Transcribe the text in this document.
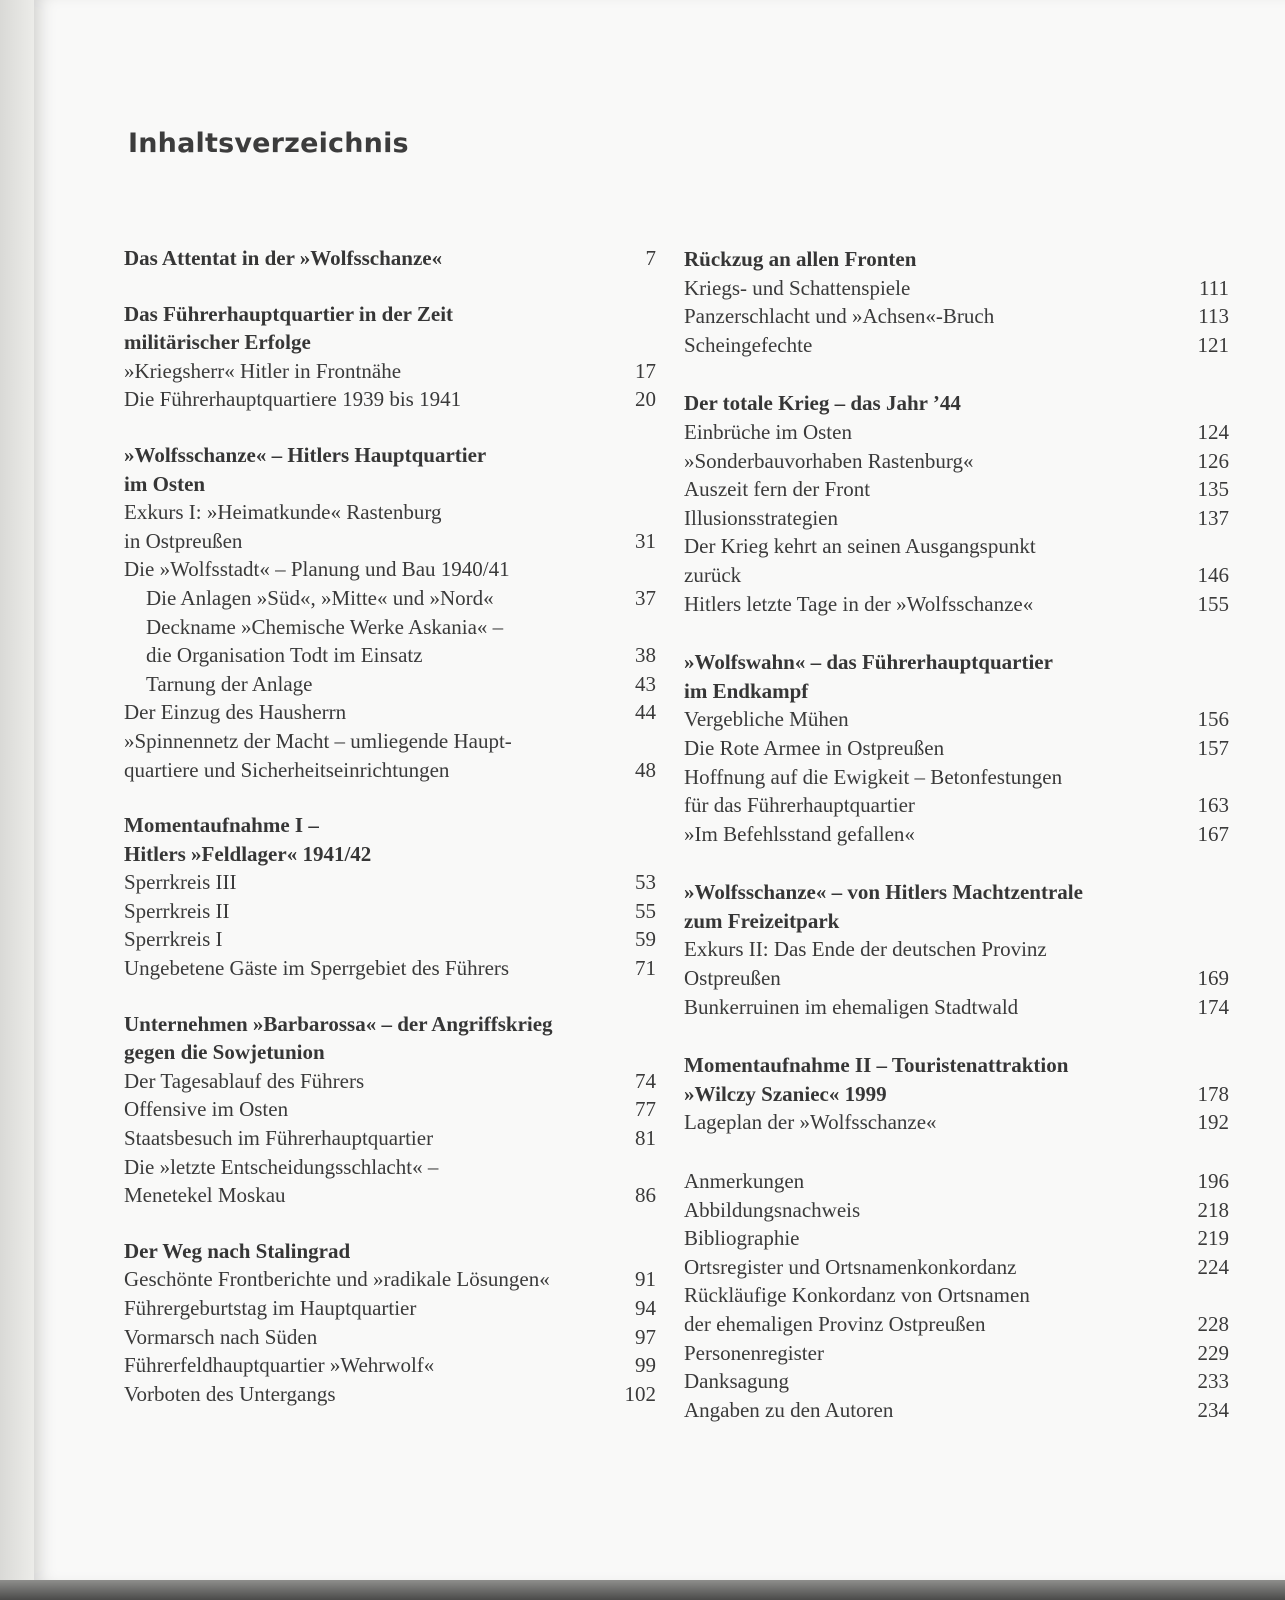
Inhaltsverzeichnis
Das Attentat in der »Wolfsschanze«	7
Das Führerhauptquartier in der Zeit
militärischer Erfolge
»Kriegsherr« Hitler in Frontnähe	17
Die Führerhauptquartiere 1939 bis 1941	20
»Wolfsschanze« – Hitlers Hauptquartier
im Osten
Exkurs I: »Heimatkunde« Rastenburg
in Ostpreußen	31
Die »Wolfsstadt« – Planung und Bau 1940/41
Die Anlagen »Süd«, »Mitte« und »Nord«	37
Deckname »Chemische Werke Askania« –
die Organisation Todt im Einsatz	38
Tarnung der Anlage	43
Der Einzug des Hausherrn	44
»Spinnennetz der Macht – umliegende Haupt-
quartiere und Sicherheitseinrichtungen	48
Momentaufnahme I –
Hitlers »Feldlager« 1941/42
Sperrkreis III	53
Sperrkreis II	55
Sperrkreis I	59
Ungebetene Gäste im Sperrgebiet des Führers	71
Unternehmen »Barbarossa« – der Angriffskrieg
gegen die Sowjetunion
Der Tagesablauf des Führers	74
Offensive im Osten	77
Staatsbesuch im Führerhauptquartier	81
Die »letzte Entscheidungsschlacht« –
Menetekel Moskau	86
Der Weg nach Stalingrad
Geschönte Frontberichte und »radikale Lösungen«	91
Führergeburtstag im Hauptquartier	94
Vormarsch nach Süden	97
Führerfeldhauptquartier »Wehrwolf«	99
Vorboten des Untergangs	102
Rückzug an allen Fronten
Kriegs- und Schattenspiele	111
Panzerschlacht und »Achsen«-Bruch	113
Scheingefechte	121
Der totale Krieg – das Jahr ’44
Einbrüche im Osten	124
»Sonderbauvorhaben Rastenburg«	126
Auszeit fern der Front	135
Illusionsstrategien	137
Der Krieg kehrt an seinen Ausgangspunkt
zurück	146
Hitlers letzte Tage in der »Wolfsschanze«	155
»Wolfswahn« – das Führerhauptquartier
im Endkampf
Vergebliche Mühen	156
Die Rote Armee in Ostpreußen	157
Hoffnung auf die Ewigkeit – Betonfestungen
für das Führerhauptquartier	163
»Im Befehlsstand gefallen«	167
»Wolfsschanze« – von Hitlers Machtzentrale
zum Freizeitpark
Exkurs II: Das Ende der deutschen Provinz
Ostpreußen	169
Bunkerruinen im ehemaligen Stadtwald	174
Momentaufnahme II – Touristenattraktion
»Wilczy Szaniec« 1999	178
Lageplan der »Wolfsschanze«	192
Anmerkungen	196
Abbildungsnachweis	218
Bibliographie	219
Ortsregister und Ortsnamenkonkordanz	224
Rückläufige Konkordanz von Ortsnamen
der ehemaligen Provinz Ostpreußen	228
Personenregister	229
Danksagung	233
Angaben zu den Autoren	234
